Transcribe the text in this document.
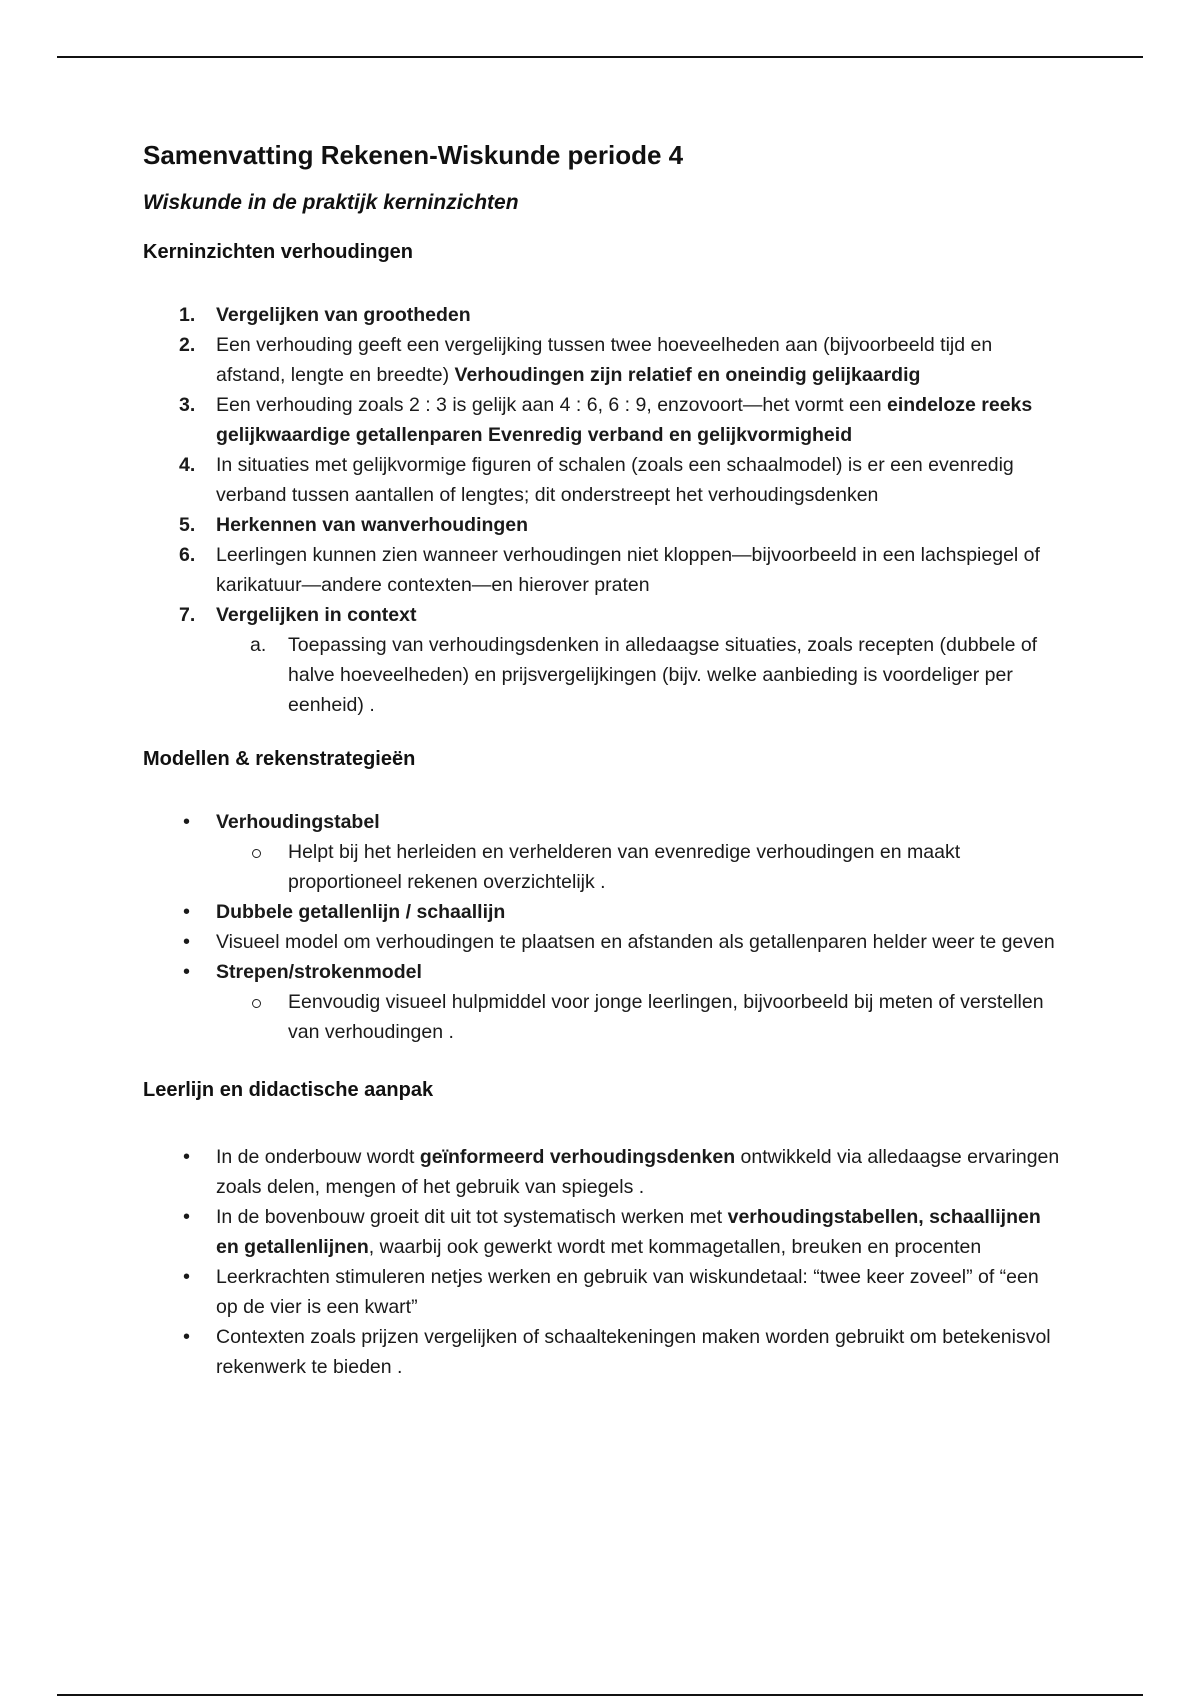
Samenvatting Rekenen-Wiskunde periode 4
Wiskunde in de praktijk kerninzichten
Kerninzichten verhoudingen
1.	Vergelijken van grootheden
2.	Een verhouding geeft een vergelijking tussen twee hoeveelheden aan (bijvoorbeeld tijd en afstand, lengte en breedte) Verhoudingen zijn relatief en oneindig gelijkaardig
3.	Een verhouding zoals 2 : 3 is gelijk aan 4 : 6, 6 : 9, enzovoort—het vormt een eindeloze reeks gelijkwaardige getallenparen Evenredig verband en gelijkvormigheid
4.	In situaties met gelijkvormige figuren of schalen (zoals een schaalmodel) is er een evenredig verband tussen aantallen of lengtes; dit onderstreept het verhoudingsdenken
5.	Herkennen van wanverhoudingen
6.	Leerlingen kunnen zien wanneer verhoudingen niet kloppen—bijvoorbeeld in een lachspiegel of karikatuur—andere contexten—en hierover praten
7.	Vergelijken in context
a. Toepassing van verhoudingsdenken in alledaagse situaties, zoals recepten (dubbele of halve hoeveelheden) en prijsvergelijkingen (bijv. welke aanbieding is voordeliger per eenheid) .
Modellen & rekenstrategieën
• Verhoudingstabel
Helpt bij het herleiden en verhelderen van evenredige verhoudingen en maakt proportioneel rekenen overzichtelijk .
• Dubbele getallenlijn / schaallijn
• Visueel model om verhoudingen te plaatsen en afstanden als getallenparen helder weer te geven
• Strepen/strokenmodel
Eenvoudig visueel hulpmiddel voor jonge leerlingen, bijvoorbeeld bij meten of verstellen van verhoudingen .
Leerlijn en didactische aanpak
• In de onderbouw wordt geïnformeerd verhoudingsdenken ontwikkeld via alledaagse ervaringen zoals delen, mengen of het gebruik van spiegels .
• In de bovenbouw groeit dit uit tot systematisch werken met verhoudingstabellen, schaallijnen en getallenlijnen, waarbij ook gewerkt wordt met kommagetallen, breuken en procenten
• Leerkrachten stimuleren netjes werken en gebruik van wiskundetaal: “twee keer zoveel” of “een op de vier is een kwart”
• Contexten zoals prijzen vergelijken of schaaltekeningen maken worden gebruikt om betekenisvol rekenwerk te bieden .
